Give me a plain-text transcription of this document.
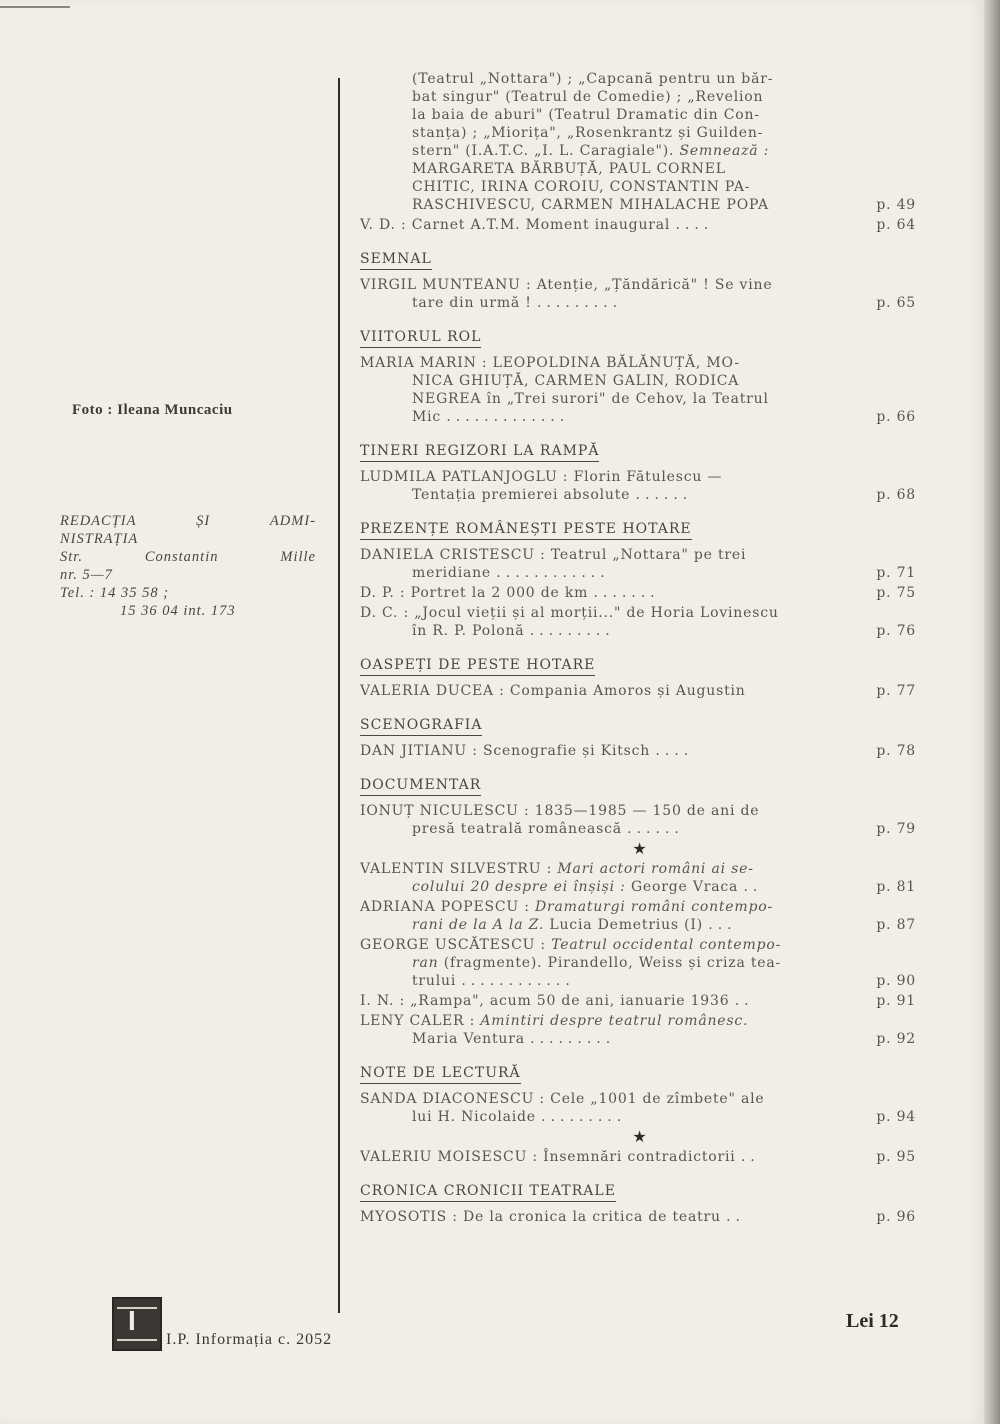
Foto : Ileana Muncaciu
REDACȚIA	ȘI	ADMI-
NISTRAȚIA
Str.	Constantin	Mille
nr. 5—7
Tel. : 14 35 58 ;
15 36 04 int. 173
I
I.P. Informația c. 2052
Lei 12
(Teatrul „Nottara") ; „Capcană pentru un băr-
bat singur" (Teatrul de Comedie) ; „Revelion
la baia de aburi" (Teatrul Dramatic din Con-
stanța) ; „Miorița", „Rosenkrantz și Guilden-
stern" (I.A.T.C. „I. L. Caragiale"). Semnează :
MARGARETA BĂRBUȚĂ, PAUL CORNEL
CHITIC, IRINA COROIU, CONSTANTIN PA-
RASCHIVESCU, CARMEN MIHALACHE POPA	p. 49
V. D. : Carnet A.T.M. Moment inaugural ....	p. 64
SEMNAL
VIRGIL MUNTEANU : Atenție, „Țăndărică" ! Se vine
tare din urmă ! .........	p. 65
VIITORUL ROL
MARIA MARIN : LEOPOLDINA BĂLĂNUȚĂ, MO-
NICA GHIUȚĂ, CARMEN GALIN, RODICA
NEGREA în „Trei surori" de Cehov, la Teatrul
Mic .............	p. 66
TINERI REGIZORI LA RAMPĂ
LUDMILA PATLANJOGLU : Florin Fătulescu —
Tentația premierei absolute ......	p. 68
PREZENȚE ROMÂNEȘTI PESTE HOTARE
DANIELA CRISTESCU : Teatrul „Nottara" pe trei
meridiane ............	p. 71
D. P. : Portret la 2 000 de km .......	p. 75
D. C. : „Jocul vieții și al morții..." de Horia Lovinescu
în R. P. Polonă .........	p. 76
OASPEȚI DE PESTE HOTARE
VALERIA DUCEA : Compania Amoros și Augustin	p. 77
SCENOGRAFIA
DAN JITIANU : Scenografie și Kitsch ....	p. 78
DOCUMENTAR
IONUȚ NICULESCU : 1835—1985 — 150 de ani de
presă teatrală românească ......	p. 79
★
VALENTIN SILVESTRU : Mari actori români ai se-
colului 20 despre ei înșiși : George Vraca ..	p. 81
ADRIANA POPESCU : Dramaturgi români contempo-
rani de la A la Z. Lucia Demetrius (I) ...	p. 87
GEORGE USCĂTESCU : Teatrul occidental contempo-
ran (fragmente). Pirandello, Weiss și criza tea-
trului ............	p. 90
I. N. : „Rampa", acum 50 de ani, ianuarie 1936 ..	p. 91
LENY CALER : Amintiri despre teatrul românesc.
Maria Ventura .........	p. 92
NOTE DE LECTURĂ
SANDA DIACONESCU : Cele „1001 de zîmbete" ale
lui H. Nicolaide .........	p. 94
★
VALERIU MOISESCU : Însemnări contradictorii ..	p. 95
CRONICA CRONICII TEATRALE
MYOSOTIS : De la cronica la critica de teatru ..	p. 96
